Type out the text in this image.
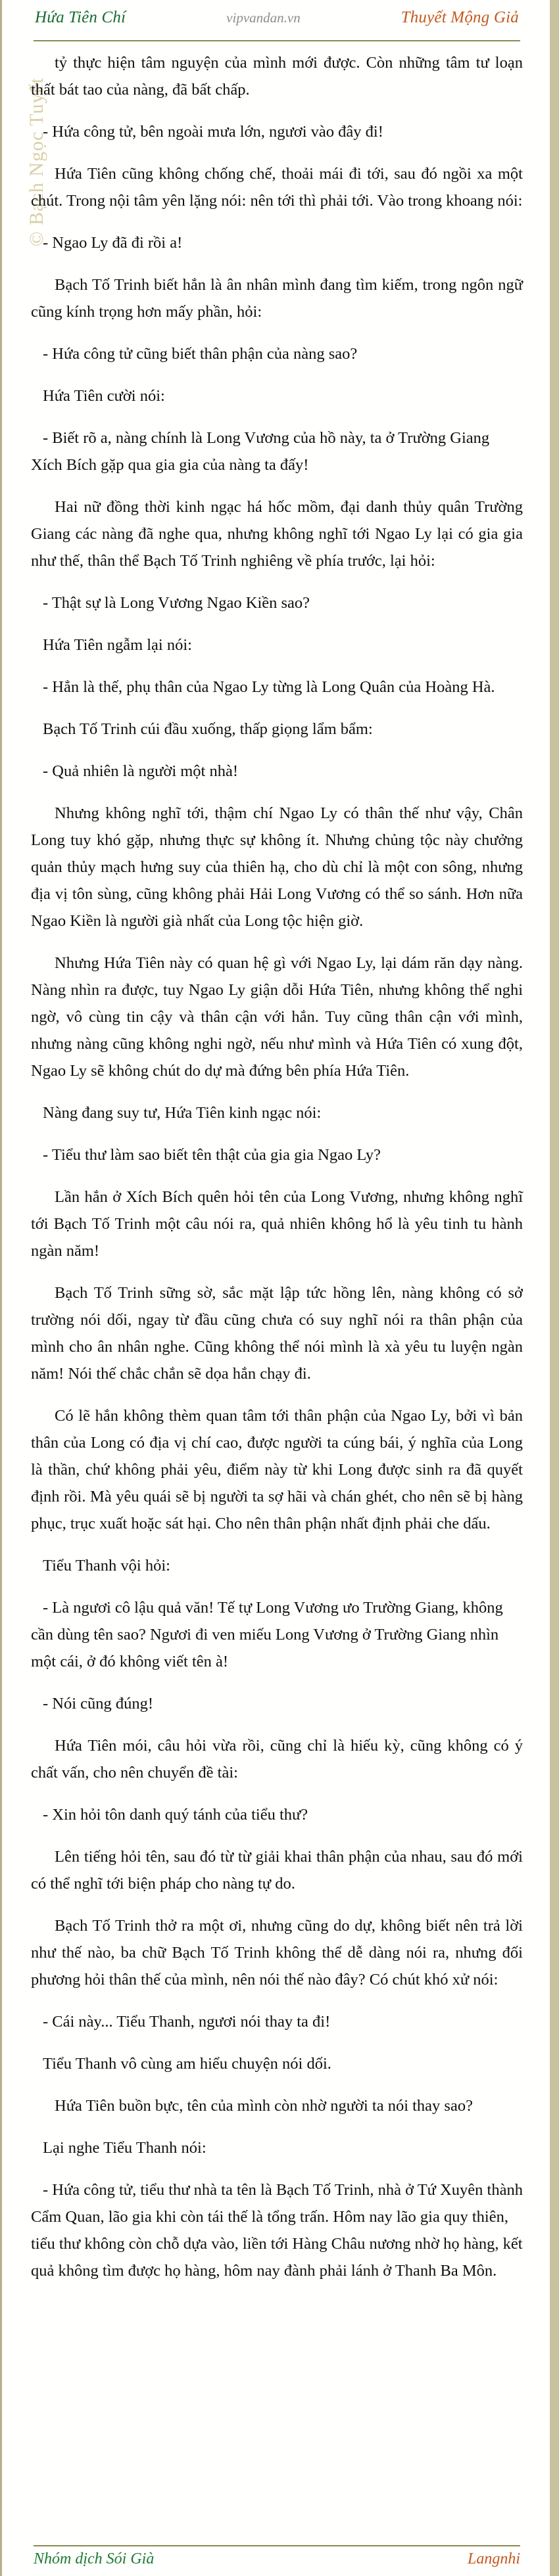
© Bạch Ngọc Tuyết
Hứa Tiên Chí	vipvandan.vn	Thuyết Mộng Giả

tỷ thực hiện tâm nguyện của mình mới được. Còn những tâm tư loạn thất bát tao của nàng, đã bất chấp.

- Hứa công tử, bên ngoài mưa lớn, ngươi vào đây đi!

Hứa Tiên cũng không chống chế, thoải mái đi tới, sau đó ngồi xa một chút. Trong nội tâm yên lặng nói: nên tới thì phải tới. Vào trong khoang nói:

- Ngao Ly đã đi rồi a!

Bạch Tố Trinh biết hắn là ân nhân mình đang tìm kiếm, trong ngôn ngữ cũng kính trọng hơn mấy phần, hỏi:

- Hứa công tử cũng biết thân phận của nàng sao?

Hứa Tiên cười nói:

- Biết rõ a, nàng chính là Long Vương của hồ này, ta ở Trường Giang Xích Bích gặp qua gia gia của nàng ta đấy!

Hai nữ đồng thời kinh ngạc há hốc mồm, đại danh thủy quân Trường Giang các nàng đã nghe qua, nhưng không nghĩ tới Ngao Ly lại có gia gia như thế, thân thể Bạch Tố Trinh nghiêng về phía trước, lại hỏi:

- Thật sự là Long Vương Ngao Kiền sao?

Hứa Tiên ngẫm lại nói:

- Hẳn là thế, phụ thân của Ngao Ly từng là Long Quân của Hoàng Hà.

Bạch Tố Trinh cúi đầu xuống, thấp giọng lẩm bẩm:

- Quả nhiên là người một nhà!

Nhưng không nghĩ tới, thậm chí Ngao Ly có thân thế như vậy, Chân Long tuy khó gặp, nhưng thực sự không ít. Nhưng chủng tộc này chưởng quản thủy mạch hưng suy của thiên hạ, cho dù chỉ là một con sông, nhưng địa vị tôn sùng, cũng không phải Hải Long Vương có thể so sánh. Hơn nữa Ngao Kiền là người già nhất của Long tộc hiện giờ.

Nhưng Hứa Tiên này có quan hệ gì với Ngao Ly, lại dám răn dạy nàng. Nàng nhìn ra được, tuy Ngao Ly giận dỗi Hứa Tiên, nhưng không thể nghi ngờ, vô cùng tin cậy và thân cận với hắn. Tuy cũng thân cận với mình, nhưng nàng cũng không nghi ngờ, nếu như mình và Hứa Tiên có xung đột, Ngao Ly sẽ không chút do dự mà đứng bên phía Hứa Tiên.

Nàng đang suy tư, Hứa Tiên kinh ngạc nói:

- Tiểu thư làm sao biết tên thật của gia gia Ngao Ly?

Lần hắn ở Xích Bích quên hỏi tên của Long Vương, nhưng không nghĩ tới Bạch Tố Trinh một câu nói ra, quả nhiên không hổ là yêu tinh tu hành ngàn năm!

Bạch Tố Trinh sững sờ, sắc mặt lập tức hồng lên, nàng không có sở trường nói dối, ngay từ đầu cũng chưa có suy nghĩ nói ra thân phận của mình cho ân nhân nghe. Cũng không thể nói mình là xà yêu tu luyện ngàn năm! Nói thế chắc chắn sẽ dọa hắn chạy đi.

Có lẽ hắn không thèm quan tâm tới thân phận của Ngao Ly, bởi vì bản thân của Long có địa vị chí cao, được người ta cúng bái, ý nghĩa của Long là thần, chứ không phải yêu, điểm này từ khi Long được sinh ra đã quyết định rồi. Mà yêu quái sẽ bị người ta sợ hãi và chán ghét, cho nên sẽ bị hàng phục, trục xuất hoặc sát hại. Cho nên thân phận nhất định phải che dấu.

Tiểu Thanh vội hỏi:

- Là ngươi cô lậu quả văn! Tế tự Long Vương ưo Trường Giang, không cần dùng tên sao? Ngươi đi ven miếu Long Vương ở Trường Giang nhìn một cái, ở đó không viết tên à!

- Nói cũng đúng!

Hứa Tiên mói, câu hỏi vừa rồi, cũng chỉ là hiếu kỳ, cũng không có ý chất vấn, cho nên chuyển đề tài:

- Xin hỏi tôn danh quý tánh của tiểu thư?

Lên tiếng hỏi tên, sau đó từ từ giải khai thân phận của nhau, sau đó mới có thể nghĩ tới biện pháp cho nàng tự do.

Bạch Tố Trinh thở ra một ơi, nhưng cũng do dự, không biết nên trả lời như thế nào, ba chữ Bạch Tố Trinh không thể dễ dàng nói ra, nhưng đối phương hỏi thân thế của mình, nên nói thế nào đây? Có chút khó xử nói:

- Cái này... Tiểu Thanh, ngươi nói thay ta đi!

Tiểu Thanh vô cùng am hiểu chuyện nói dối.

Hứa Tiên buồn bực, tên của mình còn nhờ người ta nói thay sao?

Lại nghe Tiểu Thanh nói:

- Hứa công tử, tiểu thư nhà ta tên là Bạch Tố Trinh, nhà ở Tứ Xuyên thành Cẩm Quan, lão gia khi còn tái thế là tổng trấn. Hôm nay lão gia quy thiên, tiểu thư không còn chỗ dựa vào, liền tới Hàng Châu nương nhờ họ hàng, kết quả không tìm được họ hàng, hôm nay đành phải lánh ở Thanh Ba Môn.

Nhóm dịch Sói Già	Langnhi
